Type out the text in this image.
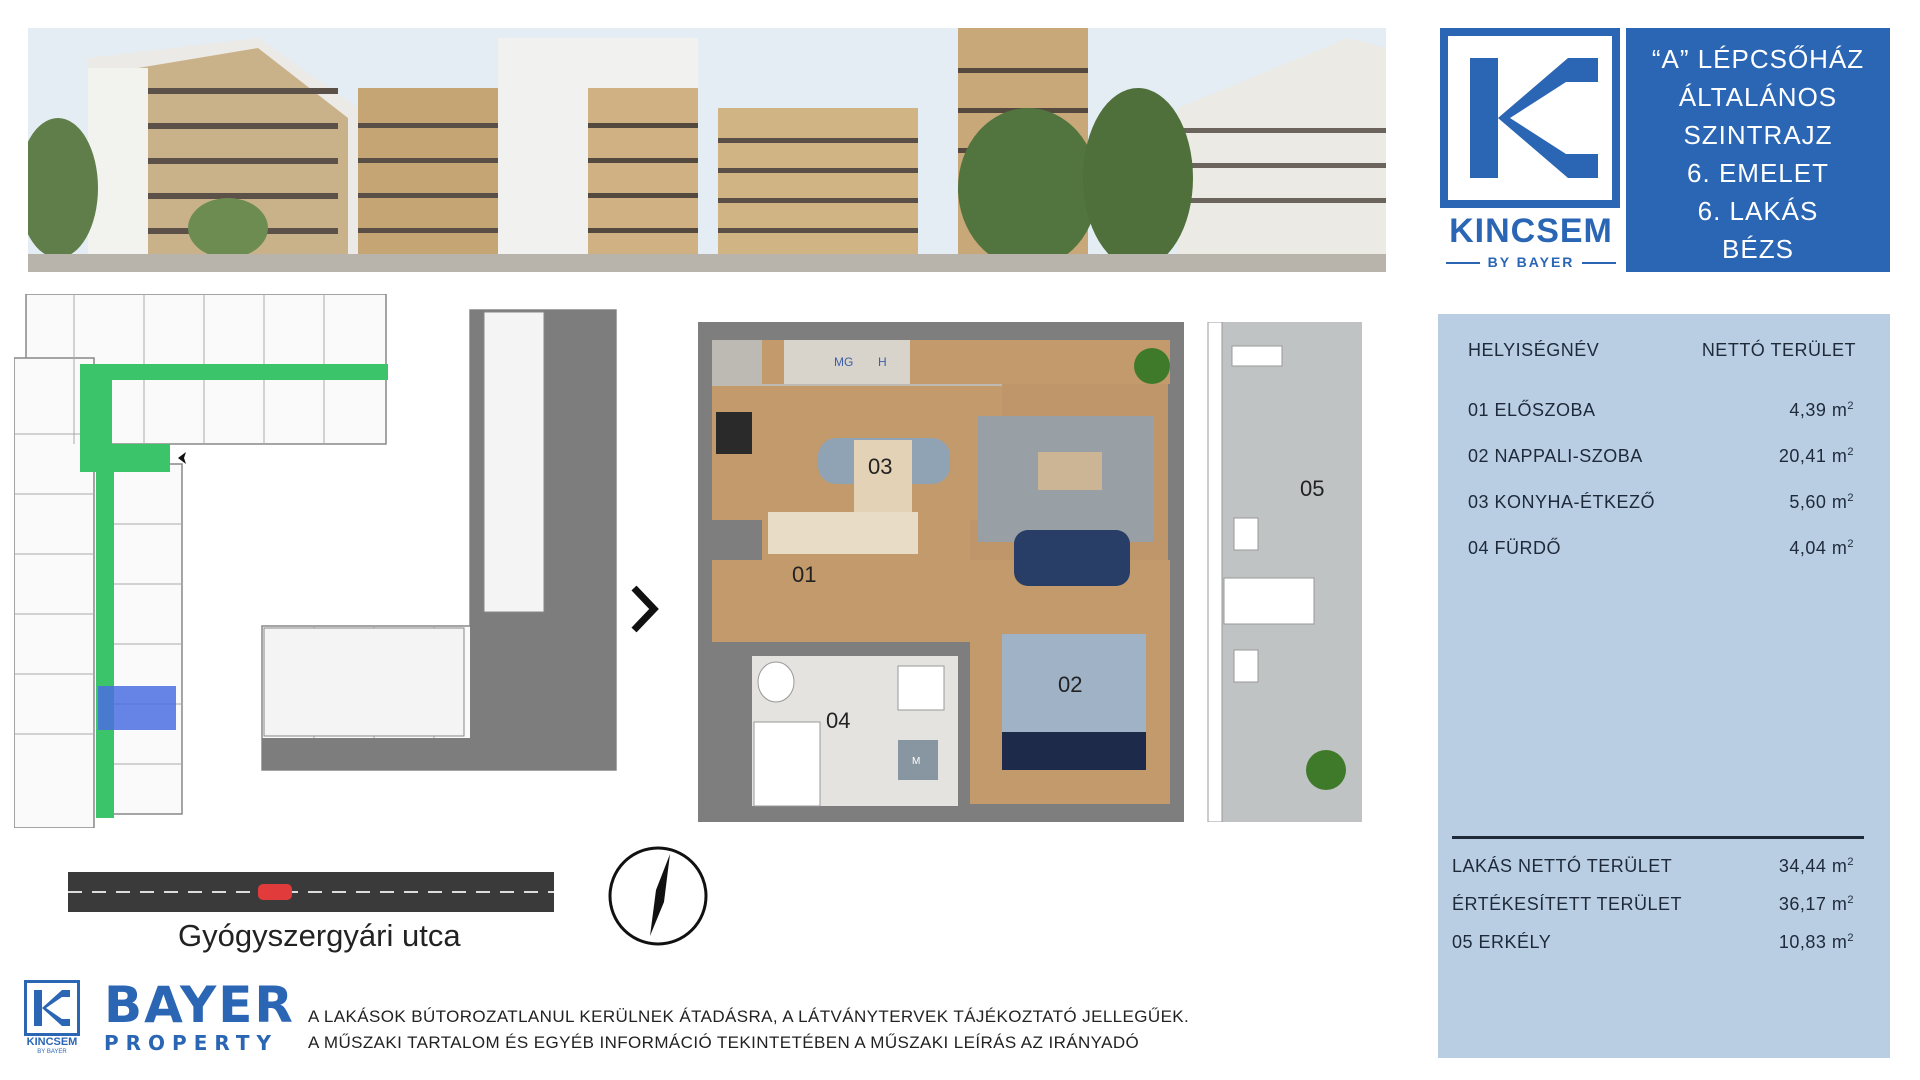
KINCSEM
BY BAYER
“A” LÉPCSŐHÁZ
ÁLTALÁNOS
SZINTRAJZ
6. EMELET
6. LAKÁS
BÉZS
HELYISÉGNÉV	NETTÓ TERÜLET
01 ELŐSZOBA	4,39 $m^2$
02 NAPPALI-SZOBA	20,41 $m^2$
03 KONYHA-ÉTKEZŐ	5,60 $m^2$
04 FÜRDŐ	4,04 $m^2$
LAKÁS NETTÓ TERÜLET	34,44 $m^2$
ÉRTÉKESÍTETT TERÜLET	36,17 $m^2$
05 ERKÉLY	10,83 $m^2$
03
01
02
04
05
MG H
M
Gyógyszergyári utca
KINCSEM
BY BAYER
BAYER
PROPERTY
A LAKÁSOK BÚTOROZATLANUL KERÜLNEK ÁTADÁSRA, A LÁTVÁNYTERVEK TÁJÉKOZTATÓ JELLEGŰEK.
A MŰSZAKI TARTALOM ÉS EGYÉB INFORMÁCIÓ TEKINTETÉBEN A MŰSZAKI LEÍRÁS AZ IRÁNYADÓ
